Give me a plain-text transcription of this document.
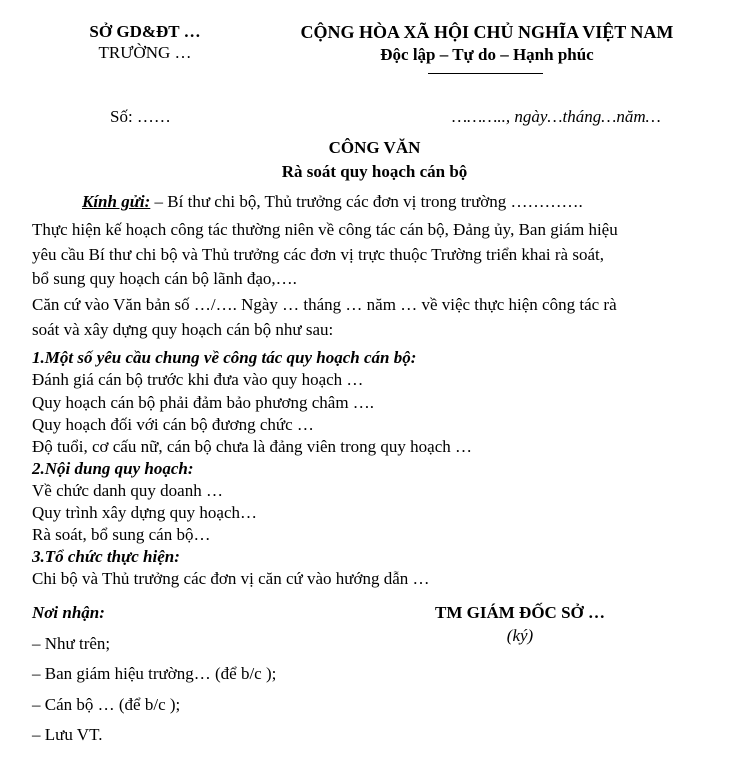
SỞ GD&ĐT …
TRƯỜNG …
CỘNG HÒA XÃ HỘI CHỦ NGHĨA VIỆT NAM
Độc lập – Tự do – Hạnh phúc
Số: ……	……….., ngày…tháng…năm…
CÔNG VĂN
Rà soát quy hoạch cán bộ
Kính gửi: – Bí thư chi bộ, Thủ trưởng các đơn vị trong trường ………….
Thực hiện kế hoạch công tác thường niên về công tác cán bộ, Đảng ủy, Ban giám hiệu
yêu cầu Bí thư chi bộ và Thủ trưởng các đơn vị trực thuộc Trường triển khai rà soát,
bổ sung quy hoạch cán bộ lãnh đạo,….
Căn cứ vào Văn bản số …/…. Ngày … tháng … năm … về việc thực hiện công tác rà
soát và xây dựng quy hoạch cán bộ như sau:
1.Một số yêu cầu chung về công tác quy hoạch cán bộ:
Đánh giá cán bộ trước khi đưa vào quy hoạch …
Quy hoạch cán bộ phải đảm bảo phương châm ….
Quy hoạch đối với cán bộ đương chức …
Độ tuổi, cơ cấu nữ, cán bộ chưa là đảng viên trong quy hoạch …
2.Nội dung quy hoạch:
Về chức danh quy doanh …
Quy trình xây dựng quy hoạch…
Rà soát, bổ sung cán bộ…
3.Tổ chức thực hiện:
Chi bộ và Thủ trưởng các đơn vị căn cứ vào hướng dẫn …
Nơi nhận:
– Như trên;
– Ban giám hiệu trường… (để b/c );
– Cán bộ … (để b/c );
– Lưu VT.
TM GIÁM ĐỐC SỞ …
(ký)
